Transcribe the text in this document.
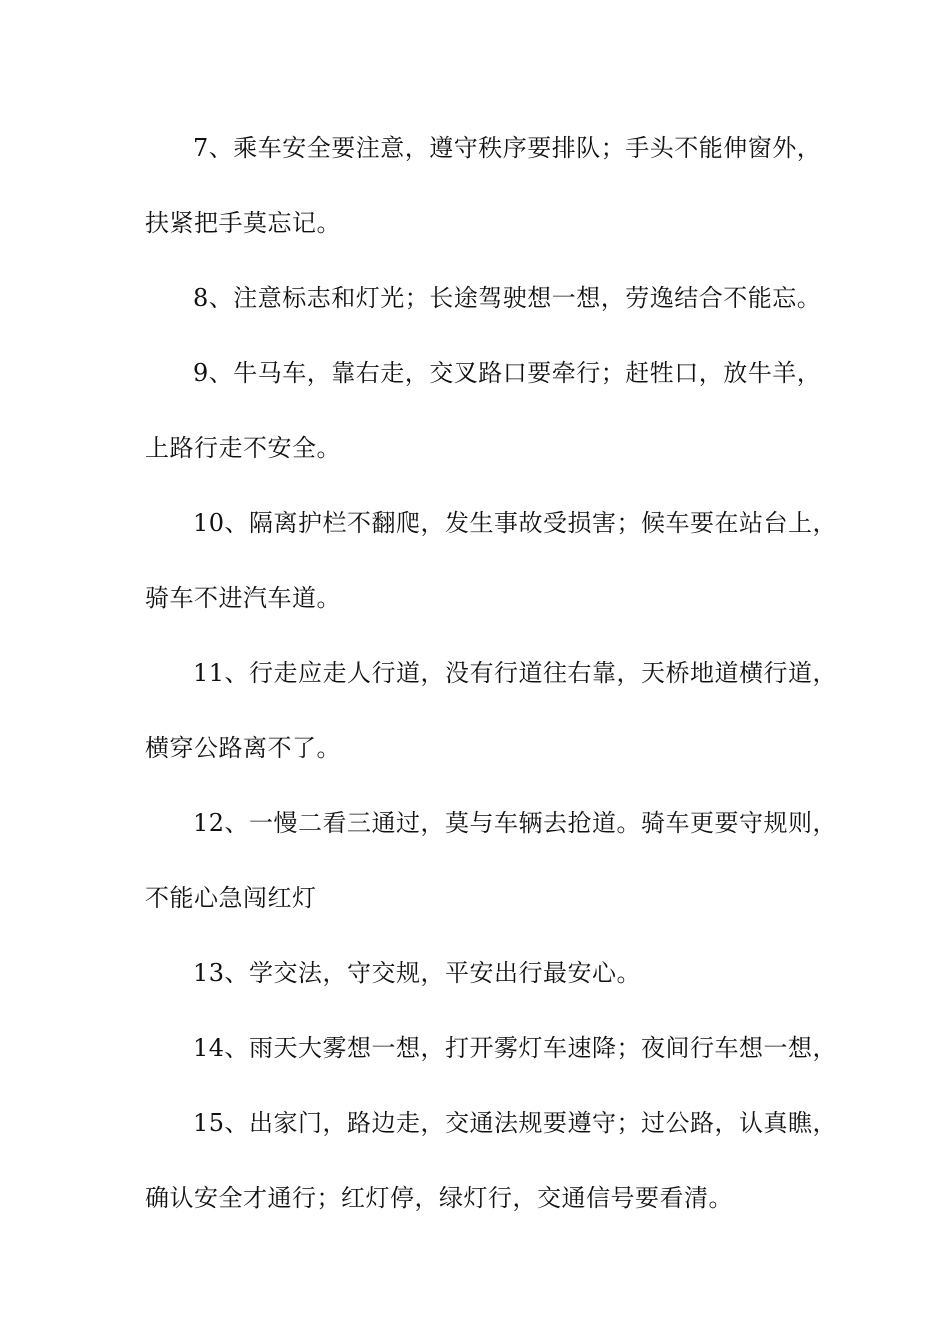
7、乘车安全要注意，遵守秩序要排队；手头不能伸窗外，
扶紧把手莫忘记。
8、注意标志和灯光；长途驾驶想一想，劳逸结合不能忘。
9、牛马车，靠右走，交叉路口要牵行；赶牲口，放牛羊，
上路行走不安全。
10、隔离护栏不翻爬，发生事故受损害；候车要在站台上，
骑车不进汽车道。
11、行走应走人行道，没有行道往右靠，天桥地道横行道，
横穿公路离不了。
12、一慢二看三通过，莫与车辆去抢道。骑车更要守规则，
不能心急闯红灯
13、学交法，守交规，平安出行最安心。
14、雨天大雾想一想，打开雾灯车速降；夜间行车想一想，
15、出家门，路边走，交通法规要遵守；过公路，认真瞧，
确认安全才通行；红灯停，绿灯行，交通信号要看清。
